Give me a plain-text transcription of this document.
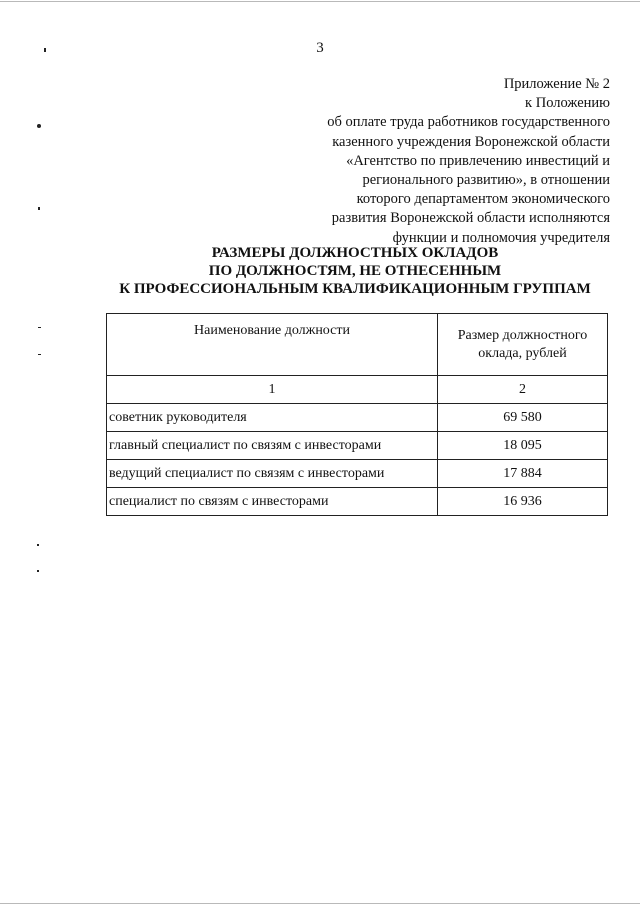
3
Приложение № 2
к Положению
об оплате труда работников государственного
казенного учреждения Воронежской области
«Агентство по привлечению инвестиций и
регионального развитию», в отношении
которого департаментом экономического
развития Воронежской области исполняются
функции и полномочия учредителя
РАЗМЕРЫ ДОЛЖНОСТНЫХ ОКЛАДОВ
ПО ДОЛЖНОСТЯМ, НЕ ОТНЕСЕННЫМ
К ПРОФЕССИОНАЛЬНЫМ КВАЛИФИКАЦИОННЫМ ГРУППАМ
Наименование должности	Размер должностного оклада, рублей
1	2
советник руководителя	69 580
главный специалист по связям с инвесторами	18 095
ведущий специалист по связям с инвесторами	17 884
специалист по связям с инвесторами	16 936
